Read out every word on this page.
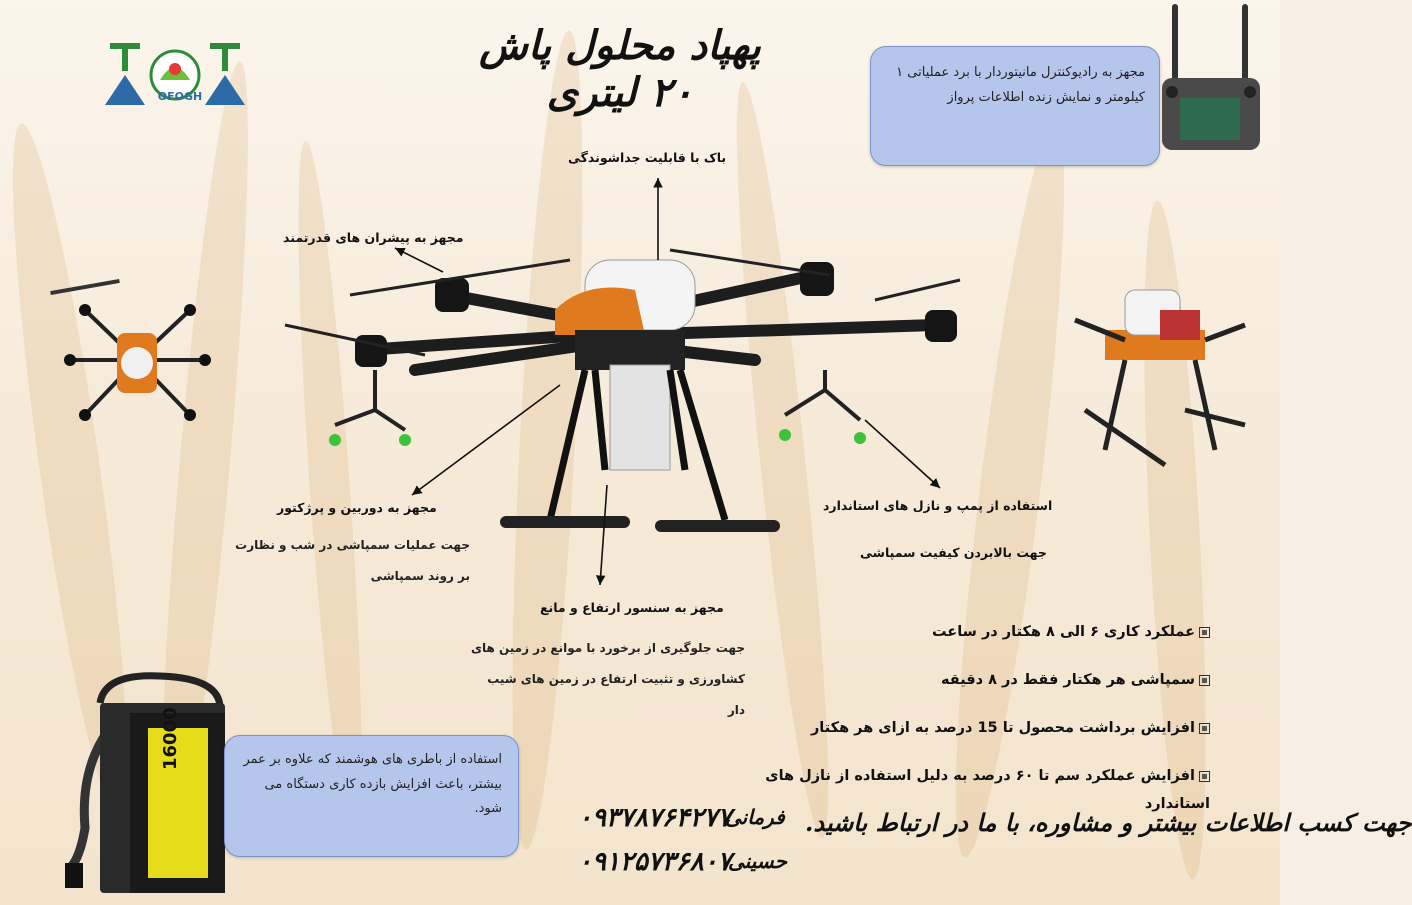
OFOGH
پهپاد محلول پاش ۲۰ لیتری	مجهز به رادیوکنترل مانیتوردار با برد عملیاتی ۱ کیلومتر و نمایش زنده اطلاعات پرواز
باک با قابلیت جداشوندگی
مجهز به پیشران های قدرتمند
مجهز به دوربین و پرژکتور
جهت عملیات سمپاشی در شب و نظارت بر روند سمپاشی
مجهز به سنسور ارتفاع و مانع
جهت جلوگیری از برخورد با موانع در زمین های کشاورزی و تثبیت ارتفاع در زمین های شیب دار
استفاده از پمپ و نازل های استاندارد
جهت بالابردن کیفیت سمپاشی
عملکرد کاری ۶ الی ۸ هکتار در ساعت
سمپاشی هر هکتار فقط در ۸ دقیقه
افزایش برداشت محصول تا 15 درصد به ازای هر هکتار
افزایش عملکرد سم تا ۶۰ درصد به دلیل استفاده از نازل های استاندارد
16000	استفاده از باطری های هوشمند که علاوه بر عمر بیشتر، باعث افزایش بازده کاری دستگاه می شود.	فرمانی
۰۹۳۷۸۷۶۴۲۷۷
حسینی
۰۹۱۲۵۷۳۶۸۰۷
جهت کسب اطلاعات بیشتر و مشاوره، با ما در ارتباط باشید.
